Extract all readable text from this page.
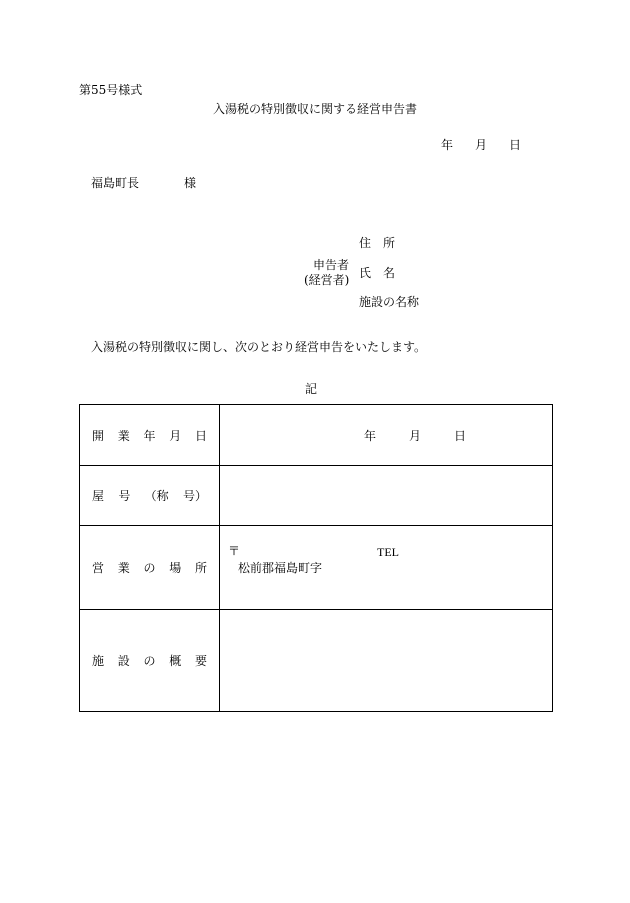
第55号様式
入湯税の特別徴収に関する経営申告書
年 月 日
福島町長	様
申告者
(経営者)
住　所
氏　名
施設の名称
入湯税の特別徴収に関し、次のとおり経営申告をいたします。
記
開 業 年 月 日	年 月 日

屋 号 （称 号）	

営 業 の 場 所	〒 TEL
松前郡福島町字

施 設 の 概 要	
